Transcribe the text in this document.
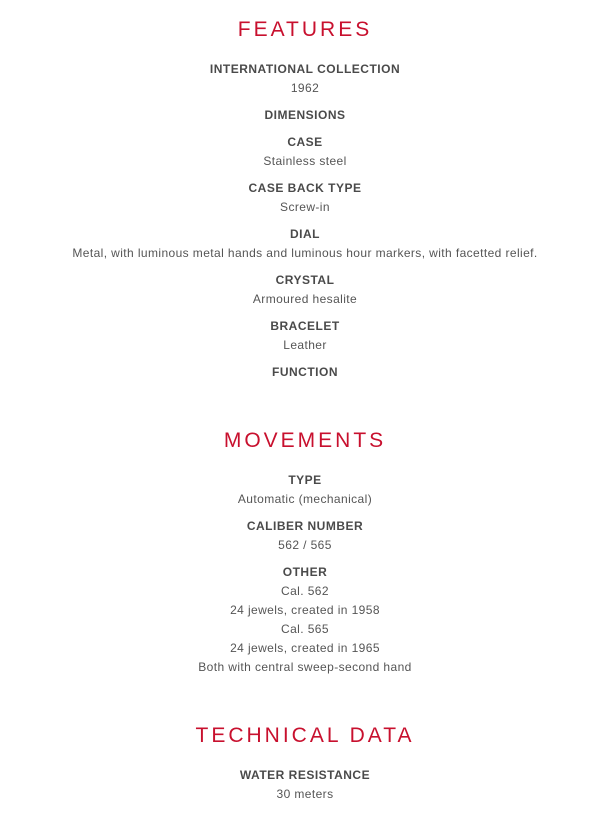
FEATURES
INTERNATIONAL COLLECTION
1962
DIMENSIONS
CASE
Stainless steel
CASE BACK TYPE
Screw-in
DIAL
Metal, with luminous metal hands and luminous hour markers, with facetted relief.
CRYSTAL
Armoured hesalite
BRACELET
Leather
FUNCTION
MOVEMENTS
TYPE
Automatic (mechanical)
CALIBER NUMBER
562 / 565
OTHER
Cal. 562
24 jewels, created in 1958
Cal. 565
24 jewels, created in 1965
Both with central sweep-second hand
TECHNICAL DATA
WATER RESISTANCE
30 meters
